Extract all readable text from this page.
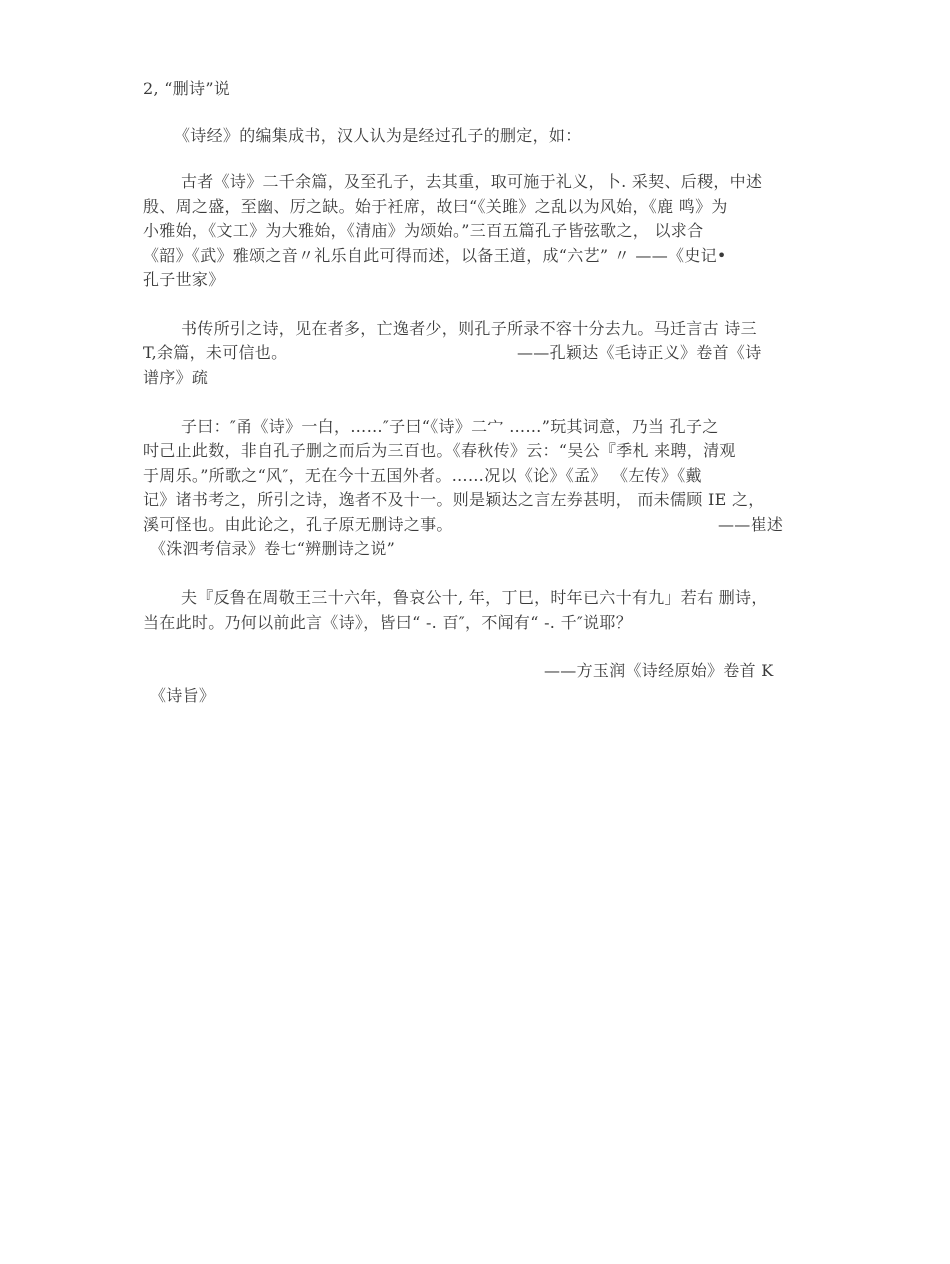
2, “删诗”说
《诗经》的编集成书，汉人认为是经过孔子的删定，如：
古者《诗》二千余篇，及至孔子，去其重，取可施于礼义，卜. 采契、后稷，中述
殷、周之盛，至幽、厉之缺。始于衽席，故曰“《关雎》之乱以为风始，《鹿 鸣》为
小雅始，《文工》为大雅始，《清庙》为颂始。”三百五篇孔子皆弦歌之， 以求合
《韶》《武》雅颂之音〃礼乐自此可得而述，以备王道，成“六艺” 〃 ——《史记•
孔子世家》
书传所引之诗，见在者多，亡逸者少，则孔子所录不容十分去九。马迁言古 诗三
T,余篇，未可信也。	——孔颖达《毛诗正义》卷首《诗
谱序》疏
子曰：″甬《诗》一白，……″子曰“《诗》二宀 ……”玩其词意，乃当 孔子之
吋己止此数，非自孔子删之而后为三百也。《春秋传》云：“吴公『季札 来聘，清观
于周乐。”所歌之“风″，无在今十五国外者。……况以《论》《孟》 《左传》《戴
记》诸书考之，所引之诗，逸者不及十一。则是颖达之言左券甚明， 而未儒顾 IE 之，
溪可怪也。由此论之，孔子原无删诗之事。	——崔述
《洙泗考信录》卷七“辨删诗之说”
夫『反鲁在周敬王三十六年，鲁哀公十, 年，丁巳，时年已六十有九」若右 删诗，
当在此时。乃何以前此言《诗》，皆曰“ -. 百″，不闻有“ -. 千″说耶？
——方玉润《诗经原始》卷首 K
《诗旨》
